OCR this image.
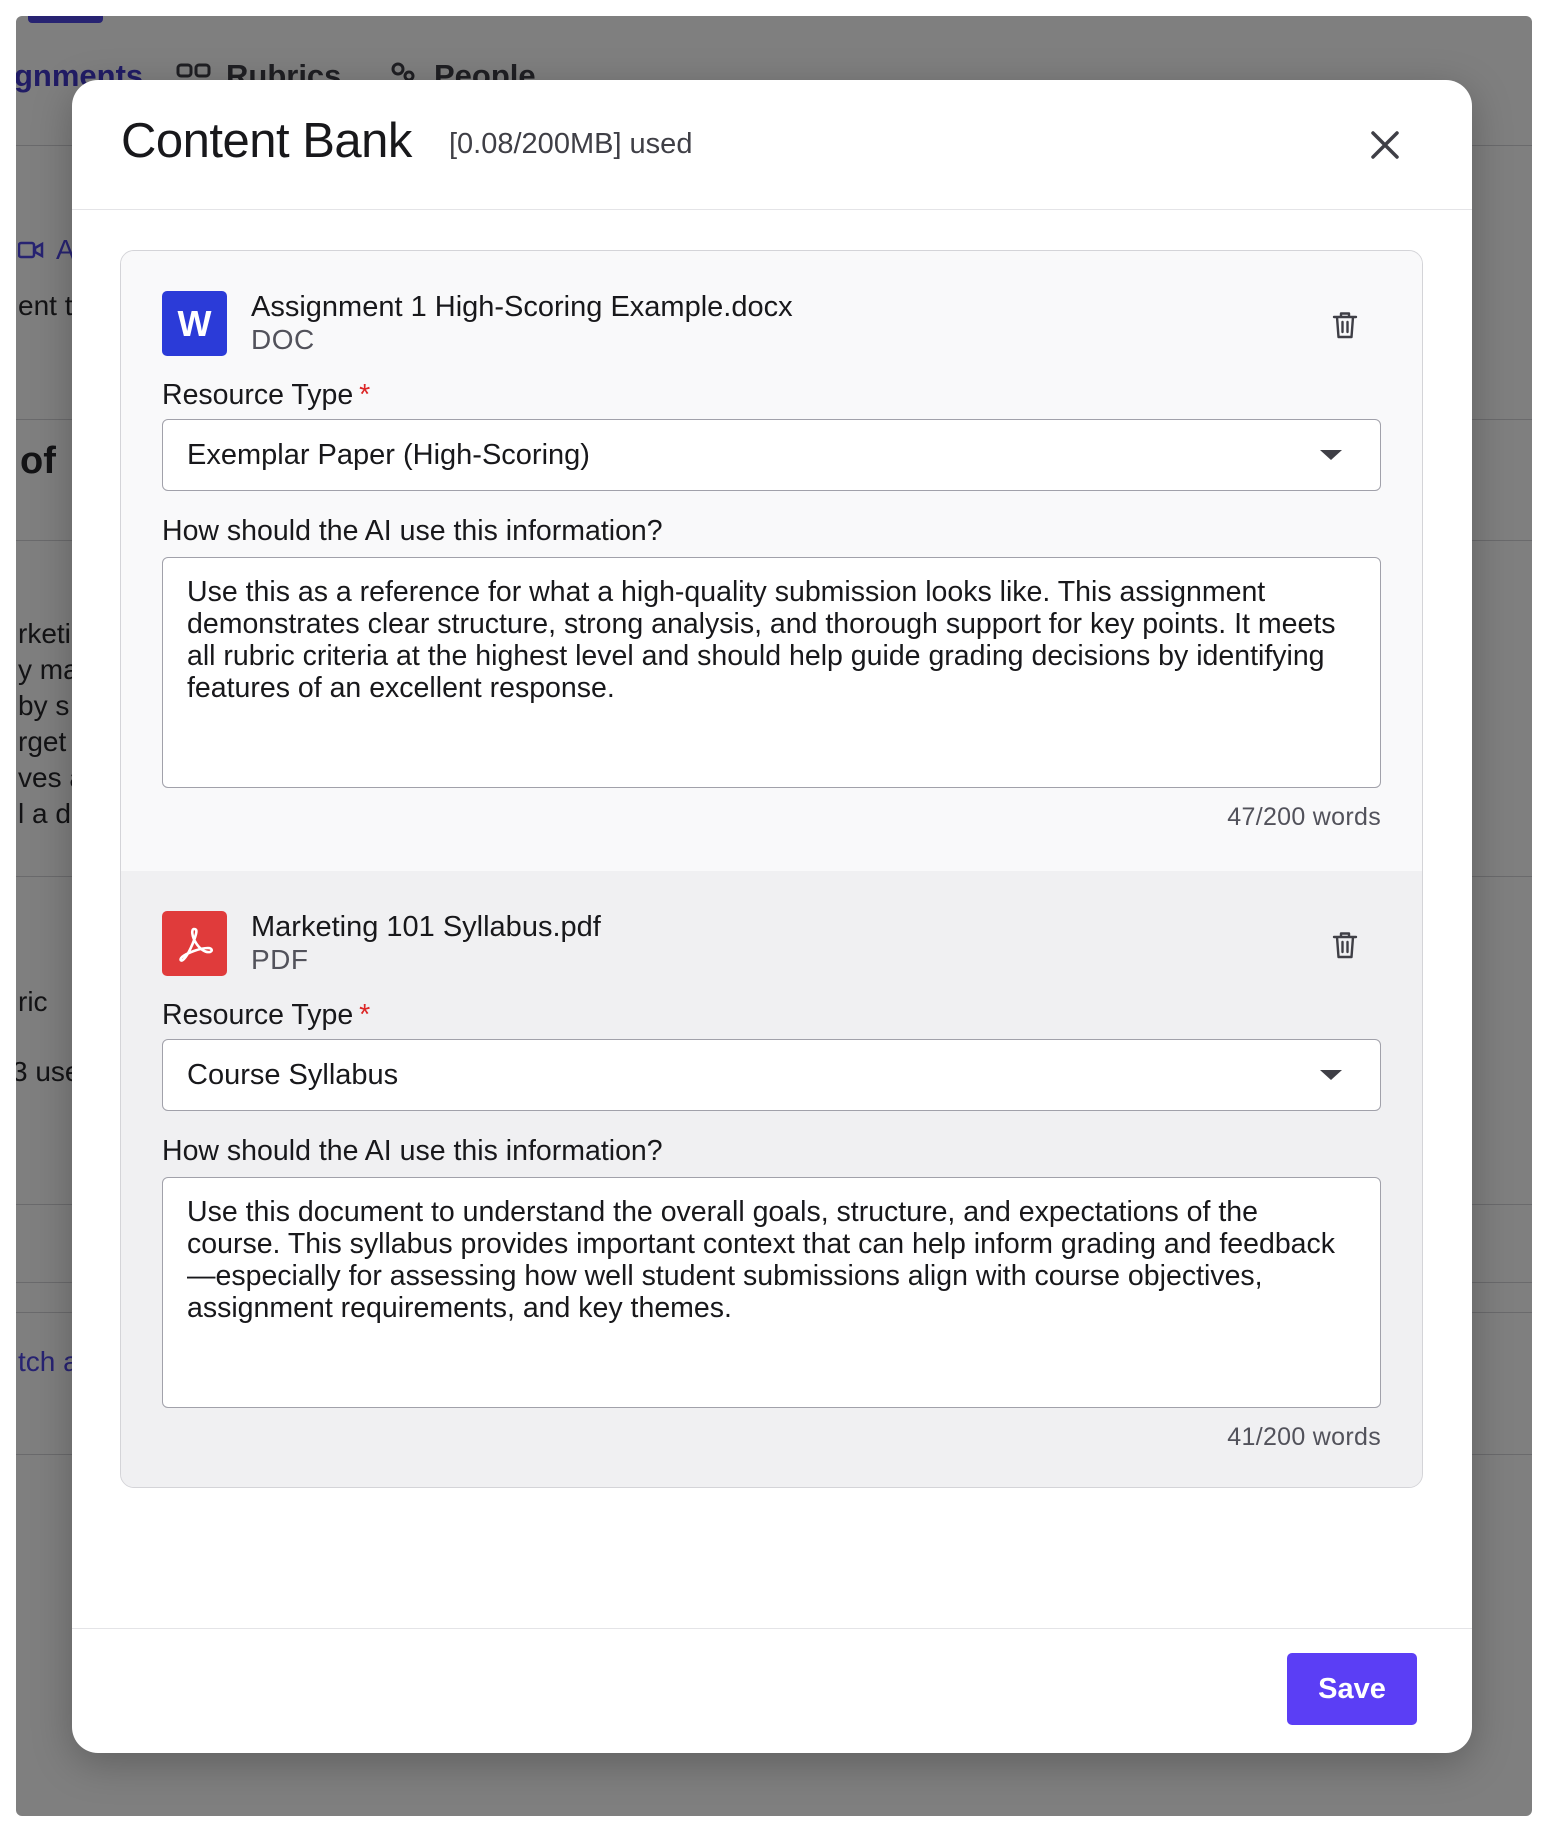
Content Bank [0.08/200MB] used
W Assignment 1 High-Scoring Example.docx
DOC
Resource Type *
Exemplar Paper (High-Scoring)
How should the AI use this information?
Use this as a reference for what a high-quality submission looks like. This assignment demonstrates clear structure, strong analysis, and thorough support for key points. It meets all rubric criteria at the highest level and should help guide grading decisions by identifying features of an excellent response.
47/200 words
Marketing 101 Syllabus.pdf
PDF
Resource Type *
Course Syllabus
How should the AI use this information?
Use this document to understand the overall goals, structure, and expectations of the course. This syllabus provides important context that can help inform grading and feedback—especially for assessing how well student submissions align with course objectives, assignment requirements, and key themes.
41/200 words
Save
